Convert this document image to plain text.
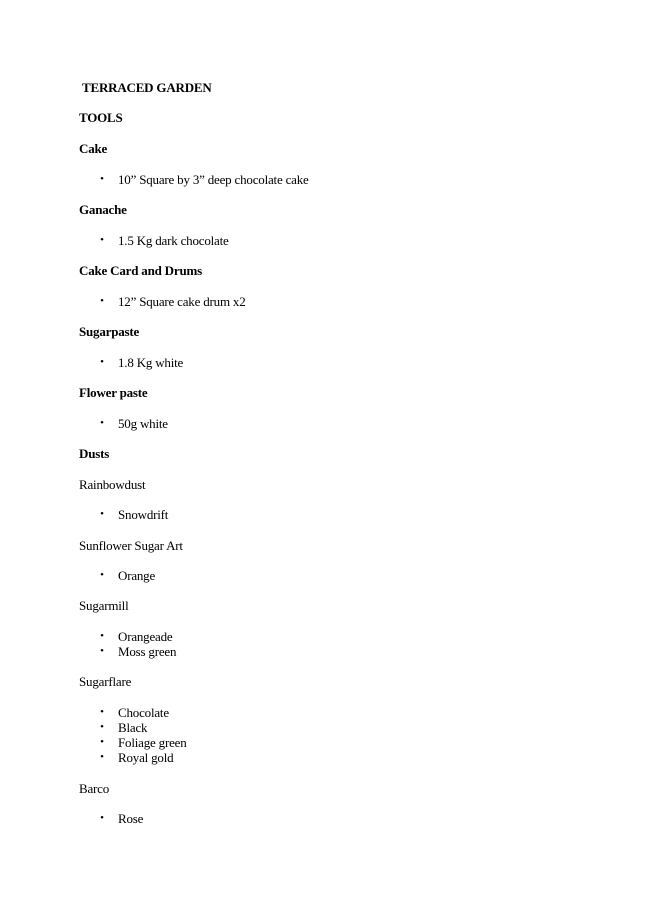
TERRACED GARDEN
TOOLS
Cake
• 10” Square by 3” deep chocolate cake
Ganache
• 1.5 Kg dark chocolate
Cake Card and Drums
• 12” Square cake drum x2
Sugarpaste
• 1.8 Kg white
Flower paste
• 50g white
Dusts
Rainbowdust
• Snowdrift
Sunflower Sugar Art
• Orange
Sugarmill
• Orangeade
• Moss green
Sugarflare
• Chocolate
• Black
• Foliage green
• Royal gold
Barco
• Rose
